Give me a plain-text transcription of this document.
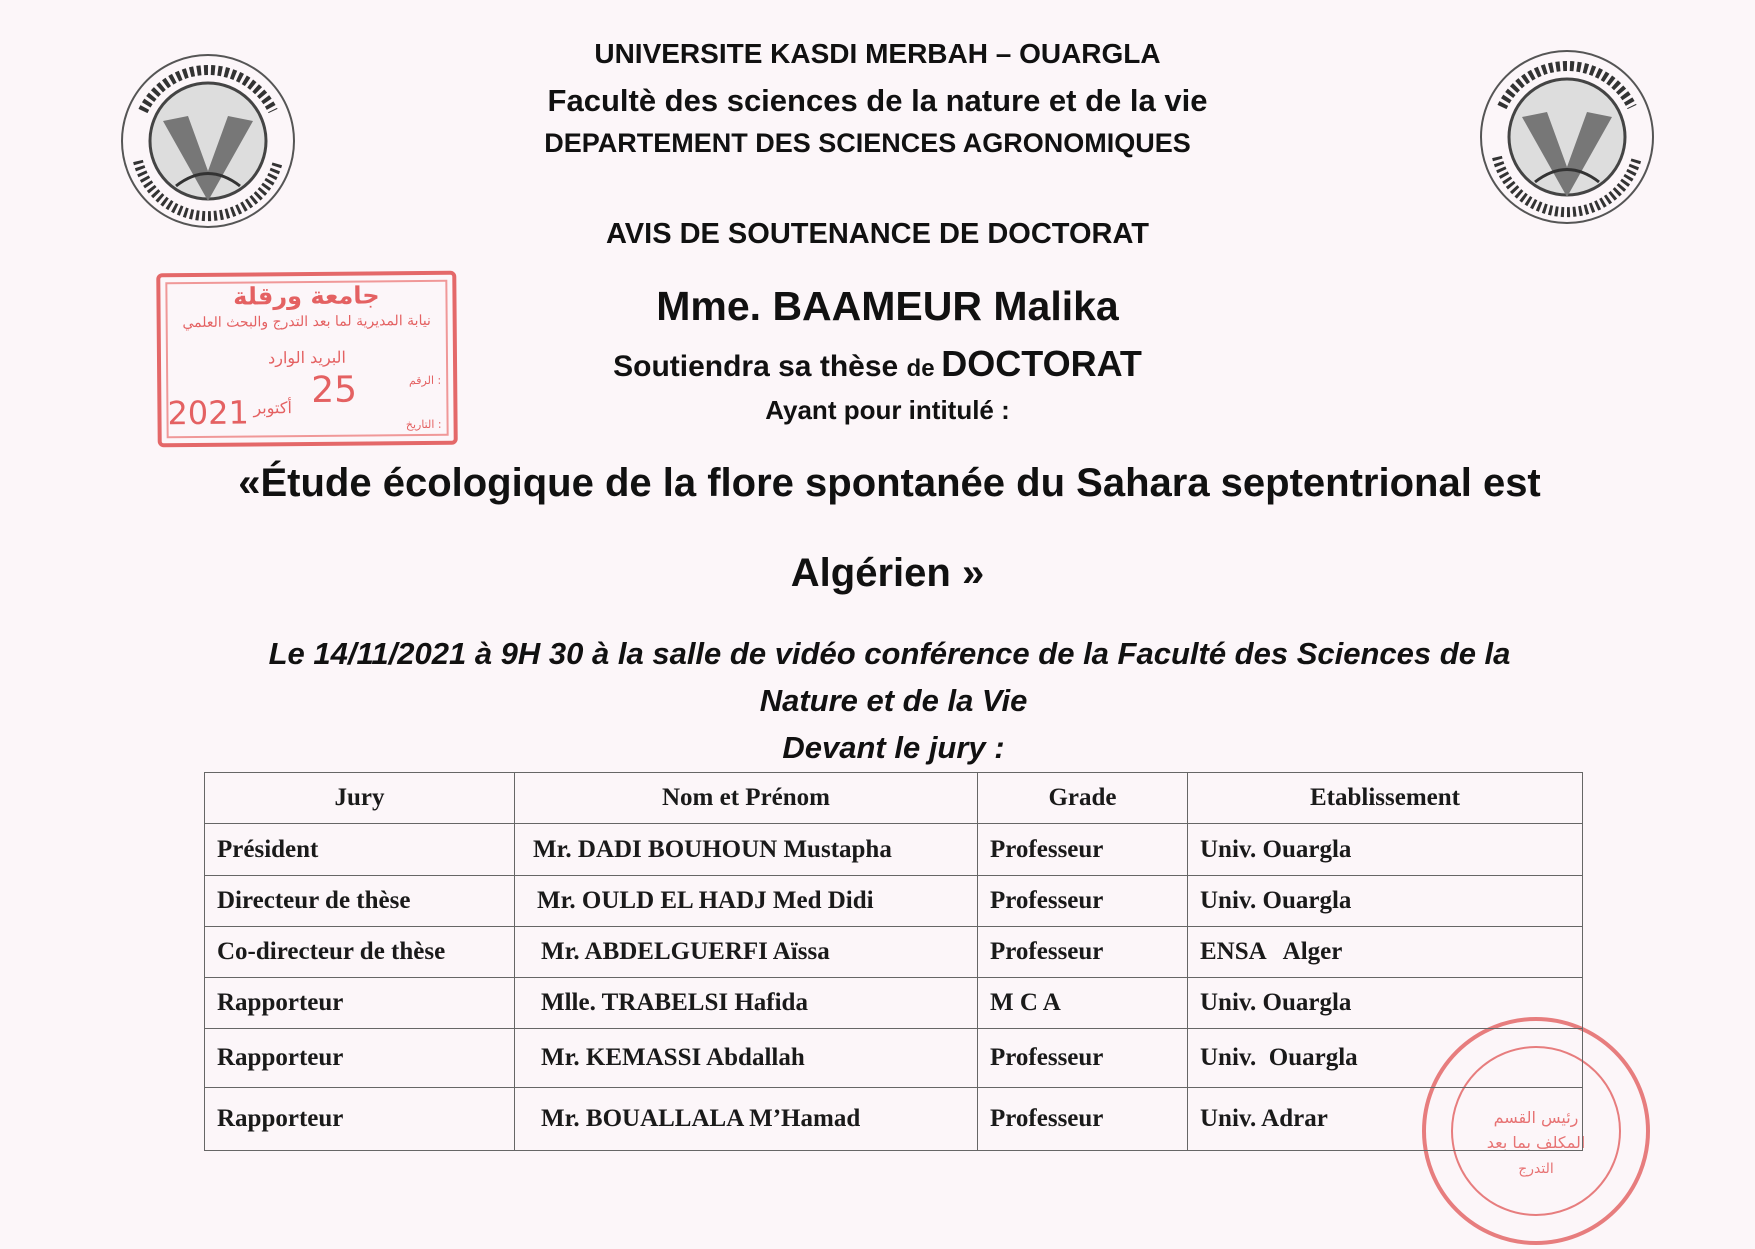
UNIVERSITE KASDI MERBAH – OUARGLA
Facultè des sciences de la nature et de la vie
DEPARTEMENT DES SCIENCES AGRONOMIQUES
جامعة ورقلة
نيابة المديرية لما بعد التدرج والبحث العلمي
البريد الوارد
الرقم :
التاريخ :
25
أكتوبر
2021
AVIS DE SOUTENANCE DE DOCTORAT
Mme. BAAMEUR Malika
Soutiendra sa thèse de DOCTORAT
Ayant pour intitulé :
«Étude écologique de la flore spontanée du Sahara septentrional est
Algérien »
Le 14/11/2021 à 9H 30 à la salle de vidéo conférence de la Faculté des Sciences de la
Nature et de la Vie
Devant le jury :
رئيس القسم
المكلف بما بعد
التدرج
Jury	Nom et Prénom	Grade	Etablissement
Président	Mr. DADI BOUHOUN Mustapha	Professeur	Univ. Ouargla
Directeur de thèse	Mr. OULD EL HADJ Med Didi	Professeur	Univ. Ouargla
Co-directeur de thèse	Mr. ABDELGUERFI Aïssa	Professeur	ENSA   Alger
Rapporteur	Mlle. TRABELSI Hafida	M C A	Univ. Ouargla
Rapporteur	Mr. KEMASSI Abdallah	Professeur	Univ.  Ouargla
Rapporteur	Mr. BOUALLALA M’Hamad	Professeur	Univ. Adrar
